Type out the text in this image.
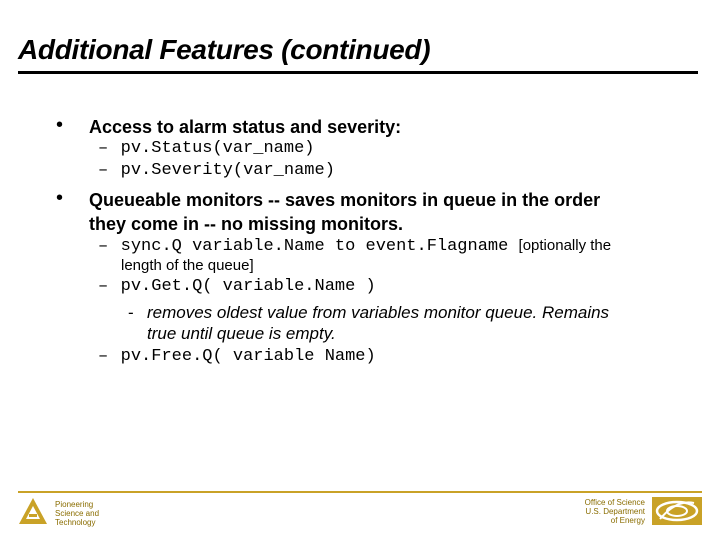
Additional Features (continued)
• Access to alarm status and severity:
– pv.Status(var_name)
– pv.Severity(var_name)
• Queueable monitors -- saves monitors in queue in the order
they come in -- no missing monitors.
– sync.Q variable.Name to event.Flagname [optionally the
length of the queue]
– pv.Get.Q( variable.Name )
- removes oldest value from variables monitor queue. Remains
true until queue is empty.
– pv.Free.Q( variable Name)
Pioneering
Science and
Technology
Office of Science
U.S. Department
of Energy
